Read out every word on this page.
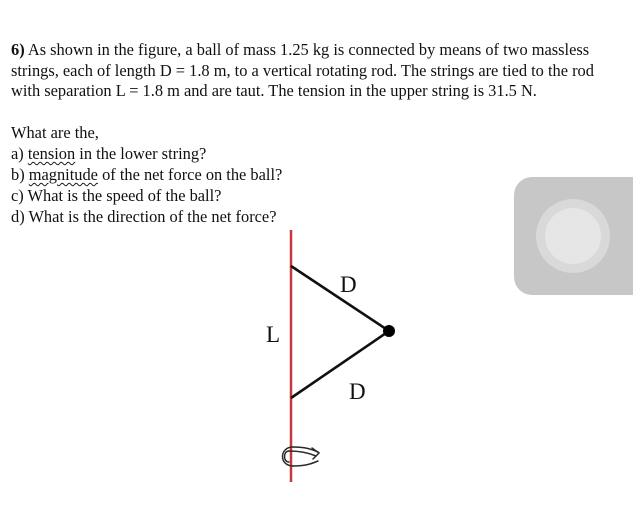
6) As shown in the figure, a ball of mass 1.25 kg is connected by means of two massless strings, each of length D = 1.8 m, to a vertical rotating rod. The strings are tied to the rod with separation L = 1.8 m and are taut. The tension in the upper string is 31.5 N.
What are the,
a) tension in the lower string?
b) magnitude of the net force on the ball?
c) What is the speed of the ball?
d) What is the direction of the net force?
D
L
D
